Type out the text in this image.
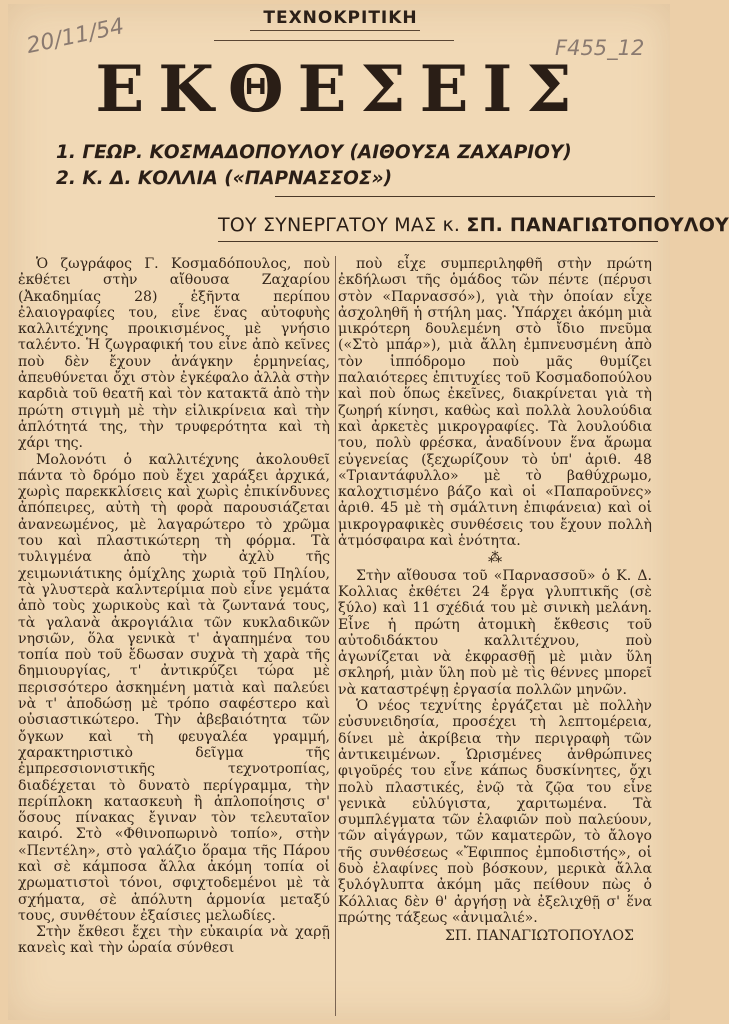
ΤΕΧΝΟΚΡΙΤΙΚΗ
20/11/54	F455_12
ΕΚΘΕΣΕΙΣ
1. ΓΕΩΡ. ΚΟΣΜΑΔΟΠΟΥΛΟΥ (ΑΙΘΟΥΣΑ ΖΑΧΑΡΙΟΥ)
2. Κ. Δ. ΚΟΛΛΙΑ («ΠΑΡΝΑΣΣΟΣ»)
ΤΟΥ ΣΥΝΕΡΓΑΤΟΥ ΜΑΣ κ. ΣΠ. ΠΑΝΑΓΙΩΤΟΠΟΥΛΟΥ

Ὁ ζωγράφος Γ. Κοσμαδόπουλος, ποὺ ἐκθέτει στὴν αἴθουσα Ζαχαρίου (Ἀκαδημίας 28) ἑξῆντα περίπου ἐλαιογραφίες του, εἶνε ἕνας αὐτοφυὴς καλλιτέχνης προικισμένος μὲ γνήσιο ταλέντο. Ἡ ζωγραφική του εἶνε ἀπὸ κεῖνες ποὺ δὲν ἔχουν ἀνάγκην ἑρμηνείας, ἀπευθύνεται ὄχι στὸν ἐγκέφαλο ἀλλὰ στὴν καρδιὰ τοῦ θεατῆ καὶ τὸν κατακτᾶ ἀπὸ τὴν πρώτη στιγμὴ μὲ τὴν εἰλικρίνεια καὶ τὴν ἁπλότητά της, τὴν τρυφερότητα καὶ τὴ χάρι της.

Μολονότι ὁ καλλιτέχνης ἀκολουθεῖ πάντα τὸ δρόμο ποὺ ἔχει χαράξει ἀρχικά, χωρὶς παρεκκλίσεις καὶ χωρὶς ἐπικίνδυνες ἀπόπειρες, αὐτὴ τὴ φορὰ παρουσιάζεται ἀνανεωμένος, μὲ λαγαρώτερο τὸ χρῶμα του καὶ πλαστικώτερη τὴ φόρμα. Τὰ τυλιγμένα ἀπὸ τὴν ἀχλὺ τῆς χειμωνιάτικης ὁμίχλης χωριὰ τοῦ Πηλίου, τὰ γλυστερὰ καλντερίμια ποὺ εἶνε γεμάτα ἀπὸ τοὺς χωρικοὺς καὶ τὰ ζωντανά τους, τὰ γαλανὰ ἀκρογιάλια τῶν κυκλαδικῶν νησιῶν, ὅλα γενικὰ τ' ἀγαπημένα του τοπία ποὺ τοῦ ἔδωσαν συχνὰ τὴ χαρὰ τῆς δημιουργίας, τ' ἀντικρύζει τώρα μὲ περισσότερο ἀσκημένη ματιὰ καὶ παλεύει νὰ τ' ἀποδώσῃ μὲ τρόπο σαφέστερο καὶ οὐσιαστικώτερο. Τὴν ἀβεβαιότητα τῶν ὄγκων καὶ τὴ φευγαλέα γραμμή, χαρακτηριστικὸ δεῖγμα τῆς ἐμπρεσσιονιστικῆς τεχνοτροπίας, διαδέχεται τὸ δυνατὸ περίγραμμα, τὴν περίπλοκη κατασκευὴ ἢ ἁπλοποίησις σ' ὅσους πίνακας ἔγιναν τὸν τελευταῖον καιρό. Στὸ «Φθινοπωρινὸ τοπίο», στὴν «Πεντέλη», στὸ γαλάζιο ὅραμα τῆς Πάρου καὶ σὲ κάμποσα ἄλλα ἀκόμη τοπία οἱ χρωματιστοὶ τόνοι, σφιχτοδεμένοι μὲ τὰ σχήματα, σὲ ἀπόλυτη ἁρμονία μεταξύ τους, συνθέτουν ἐξαίσιες μελωδίες.

Στὴν ἔκθεσι ἔχει τὴν εὐκαιρία νὰ χαρῇ κανεὶς καὶ τὴν ὡραία σύνθεσι

ποὺ εἶχε συμπεριληφθῆ στὴν πρώτη ἐκδήλωσι τῆς ὁμάδος τῶν πέντε (πέρυσι στὸν «Παρνασσό»), γιὰ τὴν ὁποίαν εἶχε ἀσχοληθῆ ἡ στήλη μας. Ὑπάρχει ἀκόμη μιὰ μικρότερη δουλεμένη στὸ ἴδιο πνεῦμα («Στὸ μπάρ»), μιὰ ἄλλη ἐμπνευσμένη ἀπὸ τὸν ἱππόδρομο ποὺ μᾶς θυμίζει παλαιότερες ἐπιτυχίες τοῦ Κοσμαδοπούλου καὶ ποὺ ὅπως ἐκεῖνες, διακρίνεται γιὰ τὴ ζωηρή κίνησι, καθὼς καὶ πολλὰ λουλούδια καὶ ἀρκετὲς μικρογραφίες. Τὰ λουλούδια του, πολὺ φρέσκα, ἀναδίνουν ἕνα ἄρωμα εὐγενείας (ξεχωρίζουν τὸ ὑπ' ἀριθ. 48 «Τριαντάφυλλο» μὲ τὸ βαθύχρωμο, καλοχτισμένο βάζο καὶ οἱ «Παπαροῦνες» ἀριθ. 45 μὲ τὴ σμάλτινη ἐπιφάνεια) καὶ οἱ μικρογραφικὲς συνθέσεις του ἔχουν πολλὴ ἀτμόσφαιρα καὶ ἑνότητα.

⁂

Στὴν αἴθουσα τοῦ «Παρνασσοῦ» ὁ Κ. Δ. Κολλιας ἐκθέτει 24 ἔργα γλυπτικῆς (σὲ ξύλο) καὶ 11 σχέδιά του μὲ σινικὴ μελάνη. Εἶνε ἡ πρώτη ἀτομικὴ ἔκθεσις τοῦ αὐτοδιδάκτου καλλιτέχνου, ποὺ ἀγωνίζεται νὰ ἐκφρασθῇ μὲ μιὰν ὕλη σκληρή, μιὰν ὕλη ποὺ μὲ τὶς θέννες μπορεῖ νὰ καταστρέψῃ ἐργασία πολλῶν μηνῶν.

Ὁ νέος τεχνίτης ἐργάζεται μὲ πολλὴν εὐσυνειδησία, προσέχει τὴ λεπτομέρεια, δίνει μὲ ἀκρίβεια τὴν περιγραφὴ τῶν ἀντικειμένων. Ὡρισμένες ἀνθρώπινες φιγοῦρές του εἶνε κάπως δυσκίνητες, ὄχι πολὺ πλαστικές, ἐνῷ τὰ ζῷα του εἶνε γενικὰ εὐλύγιστα, χαριτωμένα. Τὰ συμπλέγματα τῶν ἐλαφιῶν ποὺ παλεύουν, τῶν αἰγάγρων, τῶν καματερῶν, τὸ ἄλογο τῆς συνθέσεως «Ἔφιππος ἐμποδιστής», οἱ δυὸ ἐλαφίνες ποὺ βόσκουν, μερικὰ ἄλλα ξυλόγλυπτα ἀκόμη μᾶς πείθουν πὼς ὁ Κόλλιας δὲν θ' ἀργήσῃ νὰ ἐξελιχθῇ σ' ἕνα πρώτης τάξεως «ἀνιμαλιέ».

ΣΠ. ΠΑΝΑΓΙΩΤΟΠΟΥΛΟΣ
